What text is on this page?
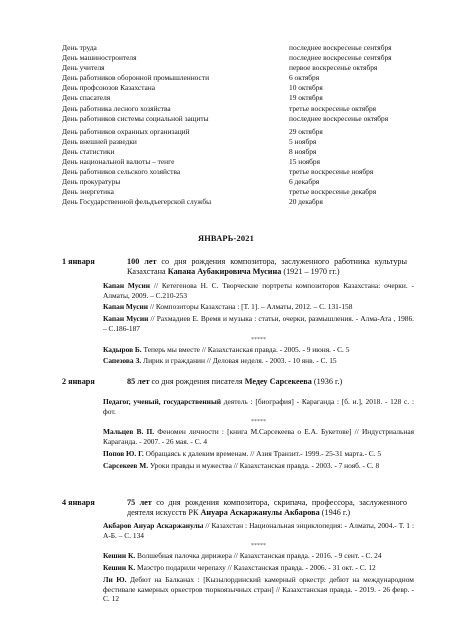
День труда	последнее воскресенье сентября
День машиностроителя	последнее воскресенье сентября
День учителя	первое воскресенье октября
День работников оборонной промышленности	6 октября
День профсоюзов Казахстана	10 октября
День спасателя	19 октября
День работника лесного хозяйства	третье воскресенье октября
День работников системы социальной защиты	последнее воскресенье октября
День работников охранных организаций	29 октября
День внешней разведки	5 ноября
День статистики	8 ноября
День национальной валюты – тенге	15 ноября
День работников сельского хозяйства	третье воскресенье ноября
День прокуратуры	6 декабря
День энергетика	третье воскресенье декабря
День Государственной фельдъегерской службы	20 декабря
ЯНВАРЬ-2021
1 января	100 лет со дня рождения композитора, заслуженного работника культуры Казахстана Капана Аубакировича Мусина (1921 – 1970 гг.)

Капан Мусин // Кетегенова Н. С. Творческие портреты композиторов Казахстана: очерки. - Алматы, 2009. – С.210-253

Капан Мусин // Композиторы Казахстана : [Т. 1]. – Алматы, 2012. – С. 131-158

Капан Мусин // Рахмадиев Е. Время и музыка : статьи, очерки, размышления. - Алма-Ата , 1986. – С.186-187

*****

Кадыров Б. Теперь мы вместе // Казахстанская правда. - 2005. - 9 июня. - С. 5

Сапезова З. Лирик и гражданин // Деловая неделя. - 2003. - 10 янв. - С. 15

2 января	85 лет со дня рождения писателя Медеу Сарсекеева (1936 г.)

Педагог, ученый, государственный деятель : [биография] - Караганда : [б. и.], 2018. - 128 с. : фот.

*****

Мальцев В. П. Феномен личности : [книга М.Сарсекеева о Е.А. Букетове] // Индустриальная Караганда. - 2007. - 26 мая. - С. 4

Попов Ю. Г. Обращаясь к далеким временам. // Азия Транзит.- 1999.- 25-31 марта.- С. 5

Сарсекеев М. Уроки правды и мужества // Казахстанская правда. - 2003. - 7 нояб. - С. 8

4 января	75 лет со дня рождения композитора, скрипача, профессора, заслуженного деятеля искусств РК Ануара Аскаржанулы Акбарова (1946 г.)

Акбаров Ануар Аскаржанулы // Казахстан : Национальная энциклопедия: - Алматы, 2004.- Т. 1 : А-Б. – С. 134

*****

Кешин К. Волшебная палочка дирижера // Казахстанская правда. - 2016. - 9 сент. - С. 24

Кешин К. Маэстро подарили черепаху // Казахстанская правда. - 2006. - 31 окт. - С. 12

Ли Ю. Дебют на Балканах : [Кызылординский камерный оркестр: дебют на международном фестивале камерных оркестров тюркоязычных стран] // Казахстанская правда. - 2019. - 26 февр. - С. 12
